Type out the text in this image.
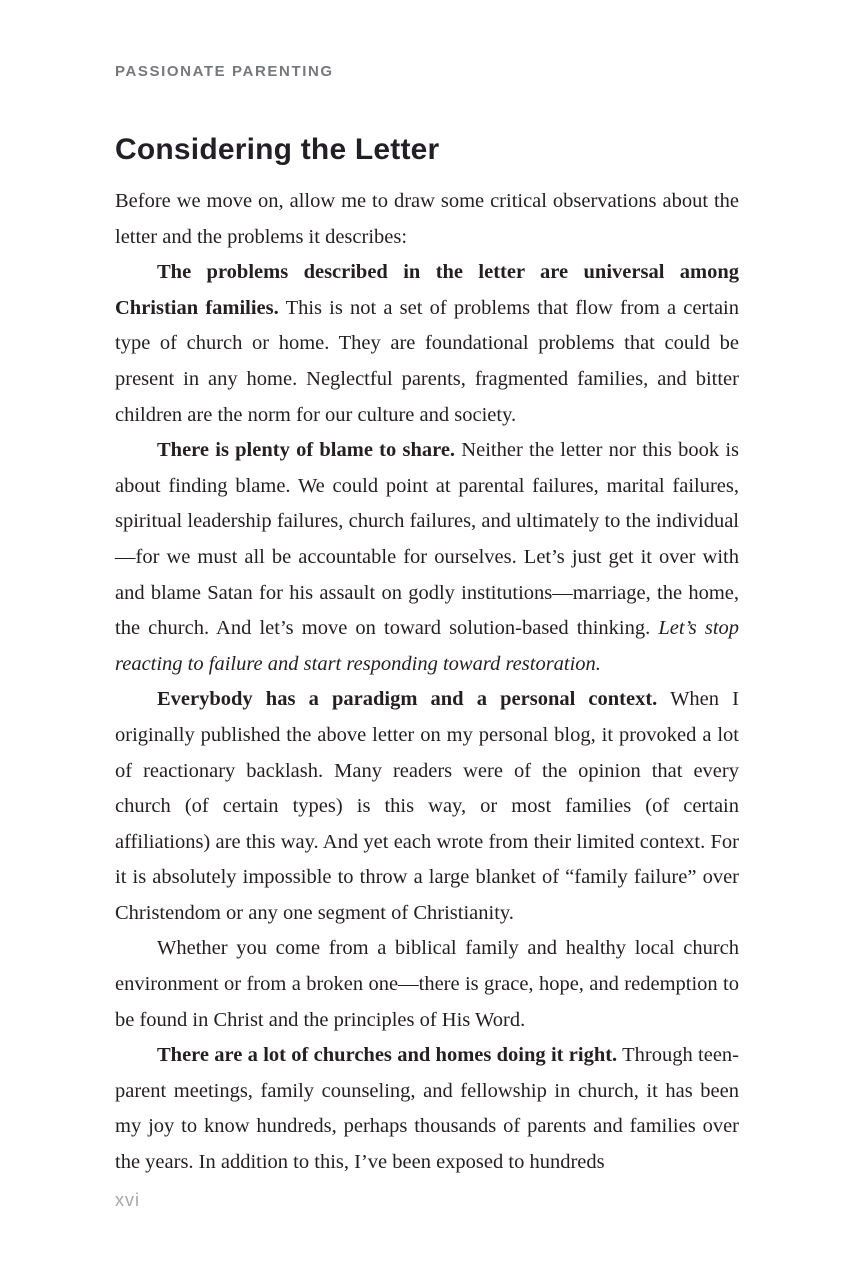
PASSIONATE PARENTING
Considering the Letter

Before we move on, allow me to draw some critical observations about the letter and the problems it describes:

The problems described in the letter are universal among Christian families. This is not a set of problems that flow from a certain type of church or home. They are foundational problems that could be present in any home. Neglectful parents, fragmented families, and bitter children are the norm for our culture and society.

There is plenty of blame to share. Neither the letter nor this book is about finding blame. We could point at parental failures, marital failures, spiritual leadership failures, church failures, and ultimately to the individual—for we must all be accountable for ourselves. Let’s just get it over with and blame Satan for his assault on godly institutions—marriage, the home, the church. And let’s move on toward solution-based thinking. Let’s stop reacting to failure and start responding toward restoration.

Everybody has a paradigm and a personal context. When I originally published the above letter on my personal blog, it provoked a lot of reactionary backlash. Many readers were of the opinion that every church (of certain types) is this way, or most families (of certain affiliations) are this way. And yet each wrote from their limited context. For it is absolutely impossible to throw a large blanket of “family failure” over Christendom or any one segment of Christianity.

Whether you come from a biblical family and healthy local church environment or from a broken one—there is grace, hope, and redemption to be found in Christ and the principles of His Word.

There are a lot of churches and homes doing it right. Through teen-parent meetings, family counseling, and fellowship in church, it has been my joy to know hundreds, perhaps thousands of parents and families over the years. In addition to this, I’ve been exposed to hundreds

xvi
